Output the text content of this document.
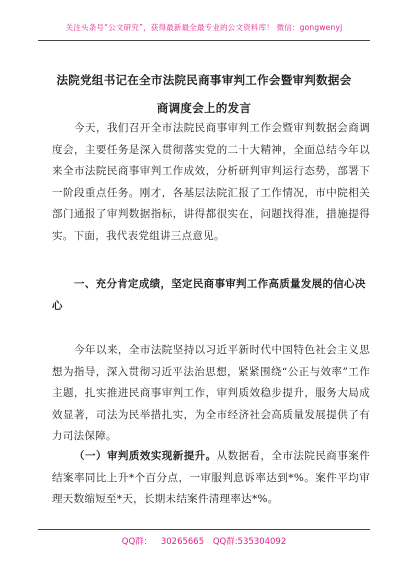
关注头条号“公文研究”，获得最新最全最专业的公文资料库！ 微信：gongwenyj
法院党组书记在全市法院民商事审判工作会暨审判数据会
商调度会上的发言
今天，我们召开全市法院民商事审判工作会暨审判数据会商调度会，主要任务是深入贯彻落实党的二十大精神，全面总结今年以来全市法院民商事审判工作成效，分析研判审判运行态势，部署下一阶段重点任务。刚才，各基层法院汇报了工作情况，市中院相关部门通报了审判数据指标，讲得都很实在，问题找得准，措施提得实。下面，我代表党组讲三点意见。
一、充分肯定成绩，坚定民商事审判工作高质量发展的信心决心
今年以来，全市法院坚持以习近平新时代中国特色社会主义思想为指导，深入贯彻习近平法治思想，紧紧围绕“公正与效率”工作主题，扎实推进民商事审判工作，审判质效稳步提升，服务大局成效显著，司法为民举措扎实，为全市经济社会高质量发展提供了有力司法保障。
（一）审判质效实现新提升。从数据看，全市法院民商事案件结案率同比上升*个百分点，一审服判息诉率达到*%。案件平均审理天数缩短至*天，长期未结案件清理率达*%。
QQ群： 30265665 QQ群:535304092
